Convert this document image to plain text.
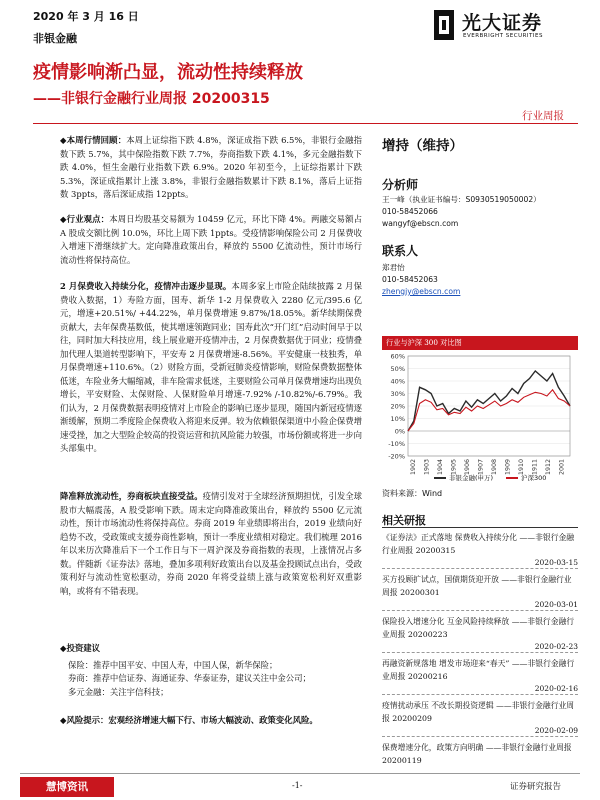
2020 年 3 月 16 日
非银金融
光大证券
EVERBRIGHT SECURITIES
疫情影响渐凸显，流动性持续释放
——非银行金融行业周报 20200315
行业周报

◆本周行情回顾：本周上证综指下跌 4.8%，深证成指下跌 6.5%，非银行金融指数下跌 5.7%，其中保险指数下跌 7.7%，券商指数下跌 4.1%，多元金融指数下跌 4.0%，恒生金融行业指数下跌 6.9%。2020 年初至今，上证综指累计下跌 5.3%，深证成指累计上涨 3.8%，非银行金融指数累计下跌 8.1%，落后上证指数 3ppts，落后深证成指 12ppts。

◆行业观点：本周日均股基交易额为 10459 亿元，环比下降 4%。两融交易额占 A 股成交额比例 10.0%，环比上周下跌 1ppts。受疫情影响保险公司 2 月保费收入增速下滑继续扩大。定向降准政策出台，释放约 5500 亿流动性，预计市场行流动性将保持高位。

2 月保费收入持续分化，疫情冲击逐步显现。本周多家上市险企陆续披露 2 月保费收入数据，1）寿险方面，国寿、新华 1-2 月保费收入 2280 亿元/395.6 亿元，增速+20.51%/ +44.22%，单月保费增速 9.87%/18.05%。新华续期保费贡献大，去年保费基数低，使其增速领跑同业；国寿此次“开门红”启动时间早于以往，同时加大科技应用，线上展业避开疫情冲击，2 月保费数据优于同业；疫情叠加代理人渠道转型影响下，平安寿 2 月保费增速-8.56%。平安健康一枝独秀，单月保费增速+110.6%。（2）财险方面，受新冠肺炎疫情影响，财险保费数据整体低迷，车险业务大幅缩减，非车险需求低迷，主要财险公司单月保费增速均出现负增长，平安财险、太保财险、人保财险单月增速-7.92% /-10.82%/-6.79%。我们认为，2 月保费数据表明疫情对上市险企的影响已逐步显现，随国内新冠疫情逐渐缓解，预期二季度险企保费收入将迎来反弹。较为依赖银保渠道中小险企保费增速受挫，加之大型险企较高的投资运营和抗风险能力较强，市场份额或将进一步向头部集中。

降准释放流动性，券商板块直接受益。疫情引发对于全球经济预期担忧，引发全球股市大幅震荡，A 股受影响下跌。周末定向降准政策出台，释放约 5500 亿元流动性，预计市场流动性将保持高位。券商 2019 年业绩即将出台，2019 业绩向好趋势不改，受政策或支援券商性影响，预计一季度业绩相对稳定。我们梳理 2016 年以来历次降准后下一个工作日与下一周沪深及券商指数的表现，上涨情况占多数。伴随新《证券法》落地，叠加多项利好政策出台以及基金投顾试点出台，受政策利好与流动性宽松驱动，券商 2020 年将受益绩上涨与政策宽松利好双重影响，或将有不错表现。

◆投资建议

保险：推荐中国平安、中国人寿，中国人保，新华保险；

券商：推荐中信证券、海通证券、华泰证券，建议关注中金公司；

多元金融：关注宇信科技；

◆风险提示：宏观经济增速大幅下行、市场大幅波动、政策变化风险。

增持（维持）
分析师
王一峰（执业证书编号：S0930519050002）
010-58452066
wangyf@ebscn.com
联系人
郑君怡
010-58452063
zhengjy@ebscn.com
行业与沪深 300 对比图
60%
50%
40%
30%
20%
10%
0%
-10%
-20%
1902 1903 1904 1905 1906 1907 1908 1909 1910 1911 1912 2001
非银金融(申万)	沪深300
资料来源：Wind
相关研报
《证券法》正式落地 保费收入持续分化 ——非银行金融行业周报 20200315
2020-03-15
买方投顾扩试点，国债期货迎开放 ——非银行金融行业周报 20200301
2020-03-01
保险投入增速分化 互金风险持续释放 ——非银行金融行业周报 20200223
2020-02-23
再融资新规落地 增发市场迎来“春天” ——非银行金融行业周报 20200216
2020-02-16
疫情扰动承压 不改长期投资逻辑 ——非银行金融行业周报 20200209
2020-02-09
保费增速分化，政策方向明确 ——非银行金融行业周报 20200119
慧博资讯	-1-	证券研究报告
